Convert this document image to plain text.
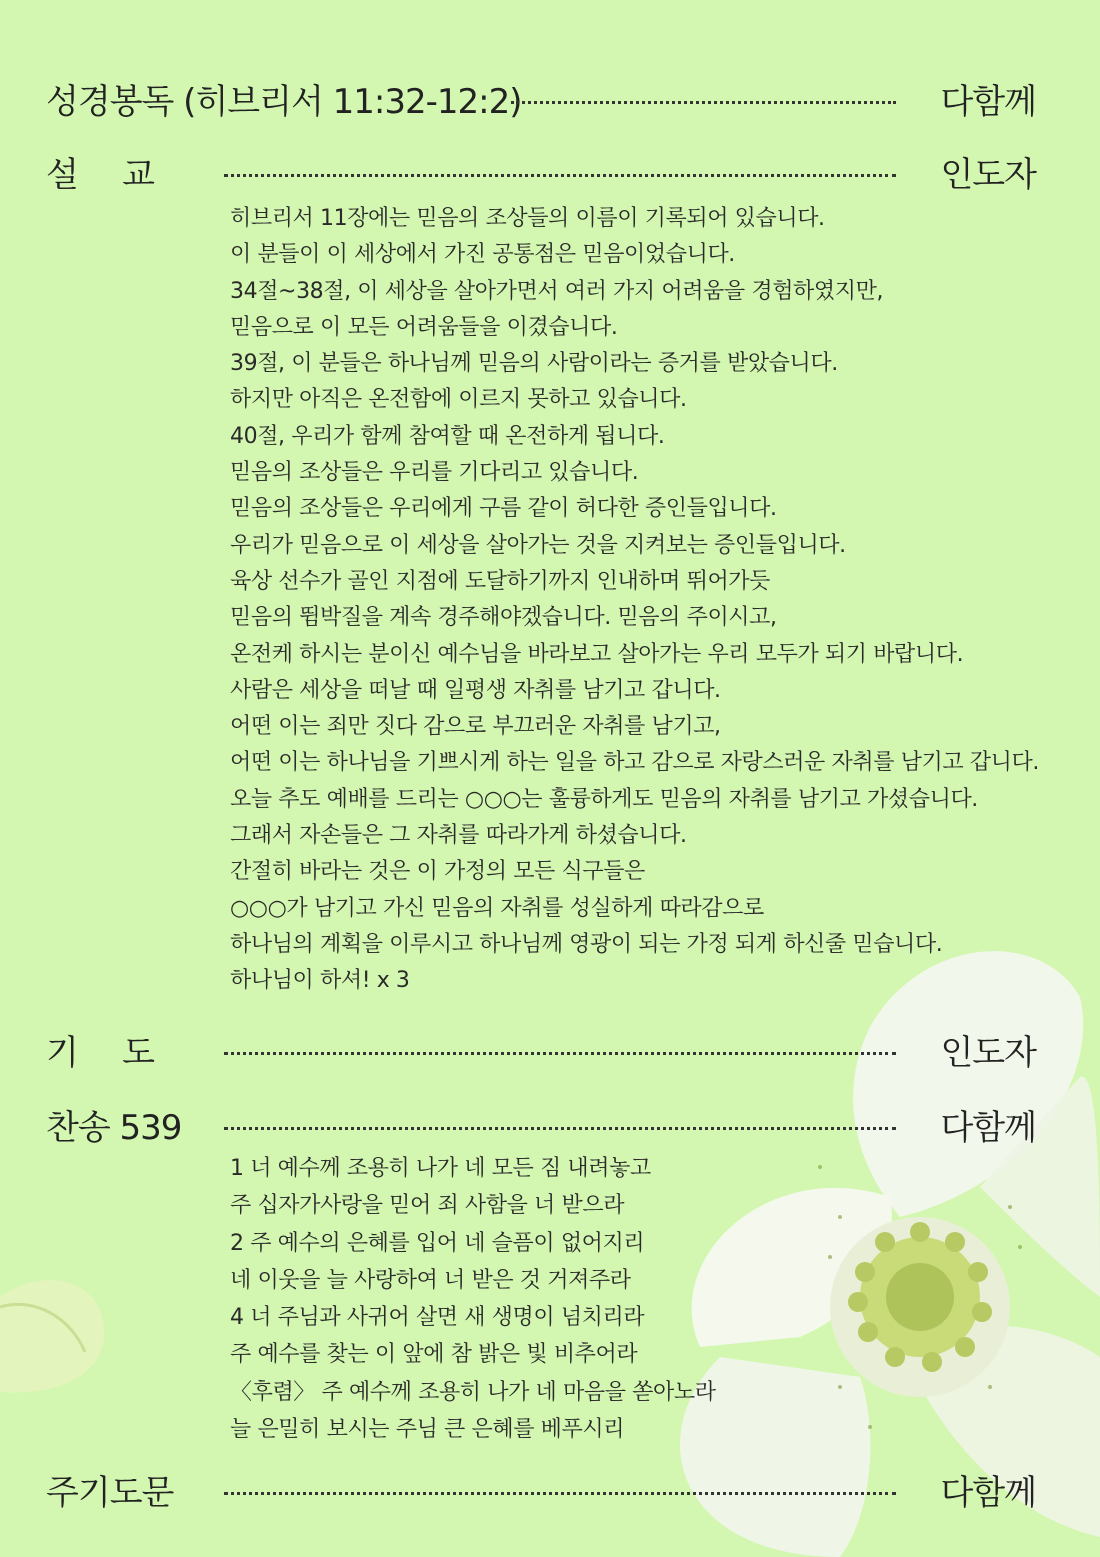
성경봉독 (히브리서 11:32-12:2)	다함께
설    교	인도자
히브리서 11장에는 믿음의 조상들의 이름이 기록되어 있습니다.
이 분들이 이 세상에서 가진 공통점은 믿음이었습니다.
34절~38절, 이 세상을 살아가면서 여러 가지 어려움을 경험하였지만,
믿음으로 이 모든 어려움들을 이겼습니다.
39절, 이 분들은 하나님께 믿음의 사람이라는 증거를 받았습니다.
하지만 아직은 온전함에 이르지 못하고 있습니다.
40절, 우리가 함께 참여할 때 온전하게 됩니다.
믿음의 조상들은 우리를 기다리고 있습니다.
믿음의 조상들은 우리에게 구름 같이 허다한 증인들입니다.
우리가 믿음으로 이 세상을 살아가는 것을 지켜보는 증인들입니다.
육상 선수가 골인 지점에 도달하기까지 인내하며 뛰어가듯
믿음의 뜀박질을 계속 경주해야겠습니다. 믿음의 주이시고,
온전케 하시는 분이신 예수님을 바라보고 살아가는 우리 모두가 되기 바랍니다.
사람은 세상을 떠날 때 일평생 자취를 남기고 갑니다.
어떤 이는 죄만 짓다 감으로 부끄러운 자취를 남기고,
어떤 이는 하나님을 기쁘시게 하는 일을 하고 감으로 자랑스러운 자취를 남기고 갑니다.
오늘 추도 예배를 드리는 ○○○는 훌륭하게도 믿음의 자취를 남기고 가셨습니다.
그래서 자손들은 그 자취를 따라가게 하셨습니다.
간절히 바라는 것은 이 가정의 모든 식구들은
○○○가 남기고 가신 믿음의 자취를 성실하게 따라감으로
하나님의 계획을 이루시고 하나님께 영광이 되는 가정 되게 하신줄 믿습니다.
하나님이 하셔! x 3
기    도	인도자
찬송 539	다함께
1 너 예수께 조용히 나가 네 모든 짐 내려놓고
주 십자가사랑을 믿어 죄 사함을 너 받으라
2 주 예수의 은혜를 입어 네 슬픔이 없어지리
네 이웃을 늘 사랑하여 너 받은 것 거져주라
4 너 주님과 사귀어 살면 새 생명이 넘치리라
주 예수를 찾는 이 앞에 참 밝은 빛 비추어라
〈후렴〉 주 예수께 조용히 나가 네 마음을 쏟아노라
늘 은밀히 보시는 주님 큰 은혜를 베푸시리
주기도문	다함께
